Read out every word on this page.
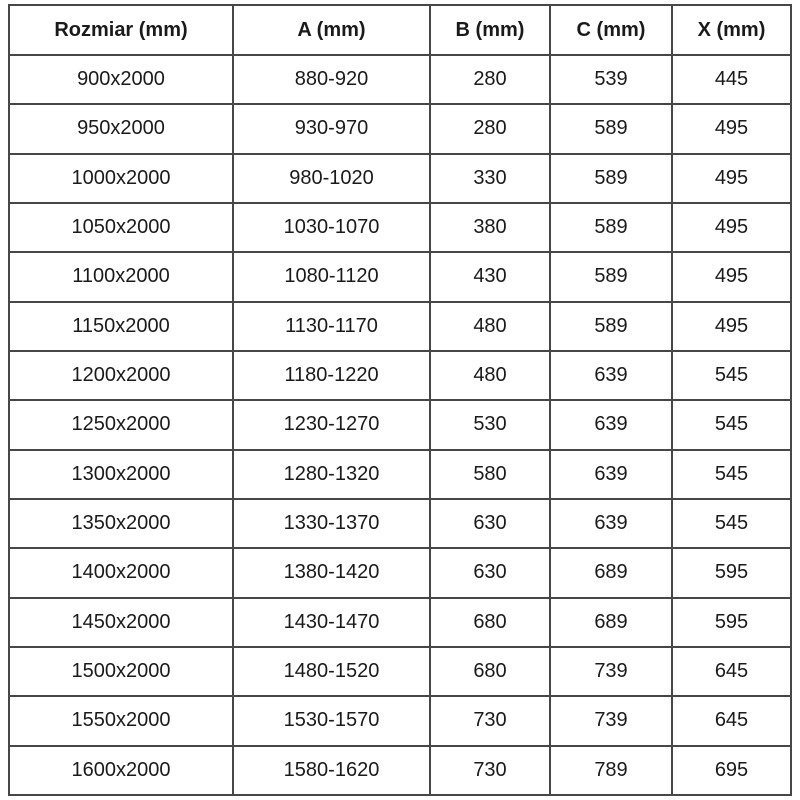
Rozmiar (mm)	A (mm)	B (mm)	C (mm)	X (mm)
900x2000	880-920	280	539	445
950x2000	930-970	280	589	495
1000x2000	980-1020	330	589	495
1050x2000	1030-1070	380	589	495
1100x2000	1080-1120	430	589	495
1150x2000	1130-1170	480	589	495
1200x2000	1180-1220	480	639	545
1250x2000	1230-1270	530	639	545
1300x2000	1280-1320	580	639	545
1350x2000	1330-1370	630	639	545
1400x2000	1380-1420	630	689	595
1450x2000	1430-1470	680	689	595
1500x2000	1480-1520	680	739	645
1550x2000	1530-1570	730	739	645
1600x2000	1580-1620	730	789	695
